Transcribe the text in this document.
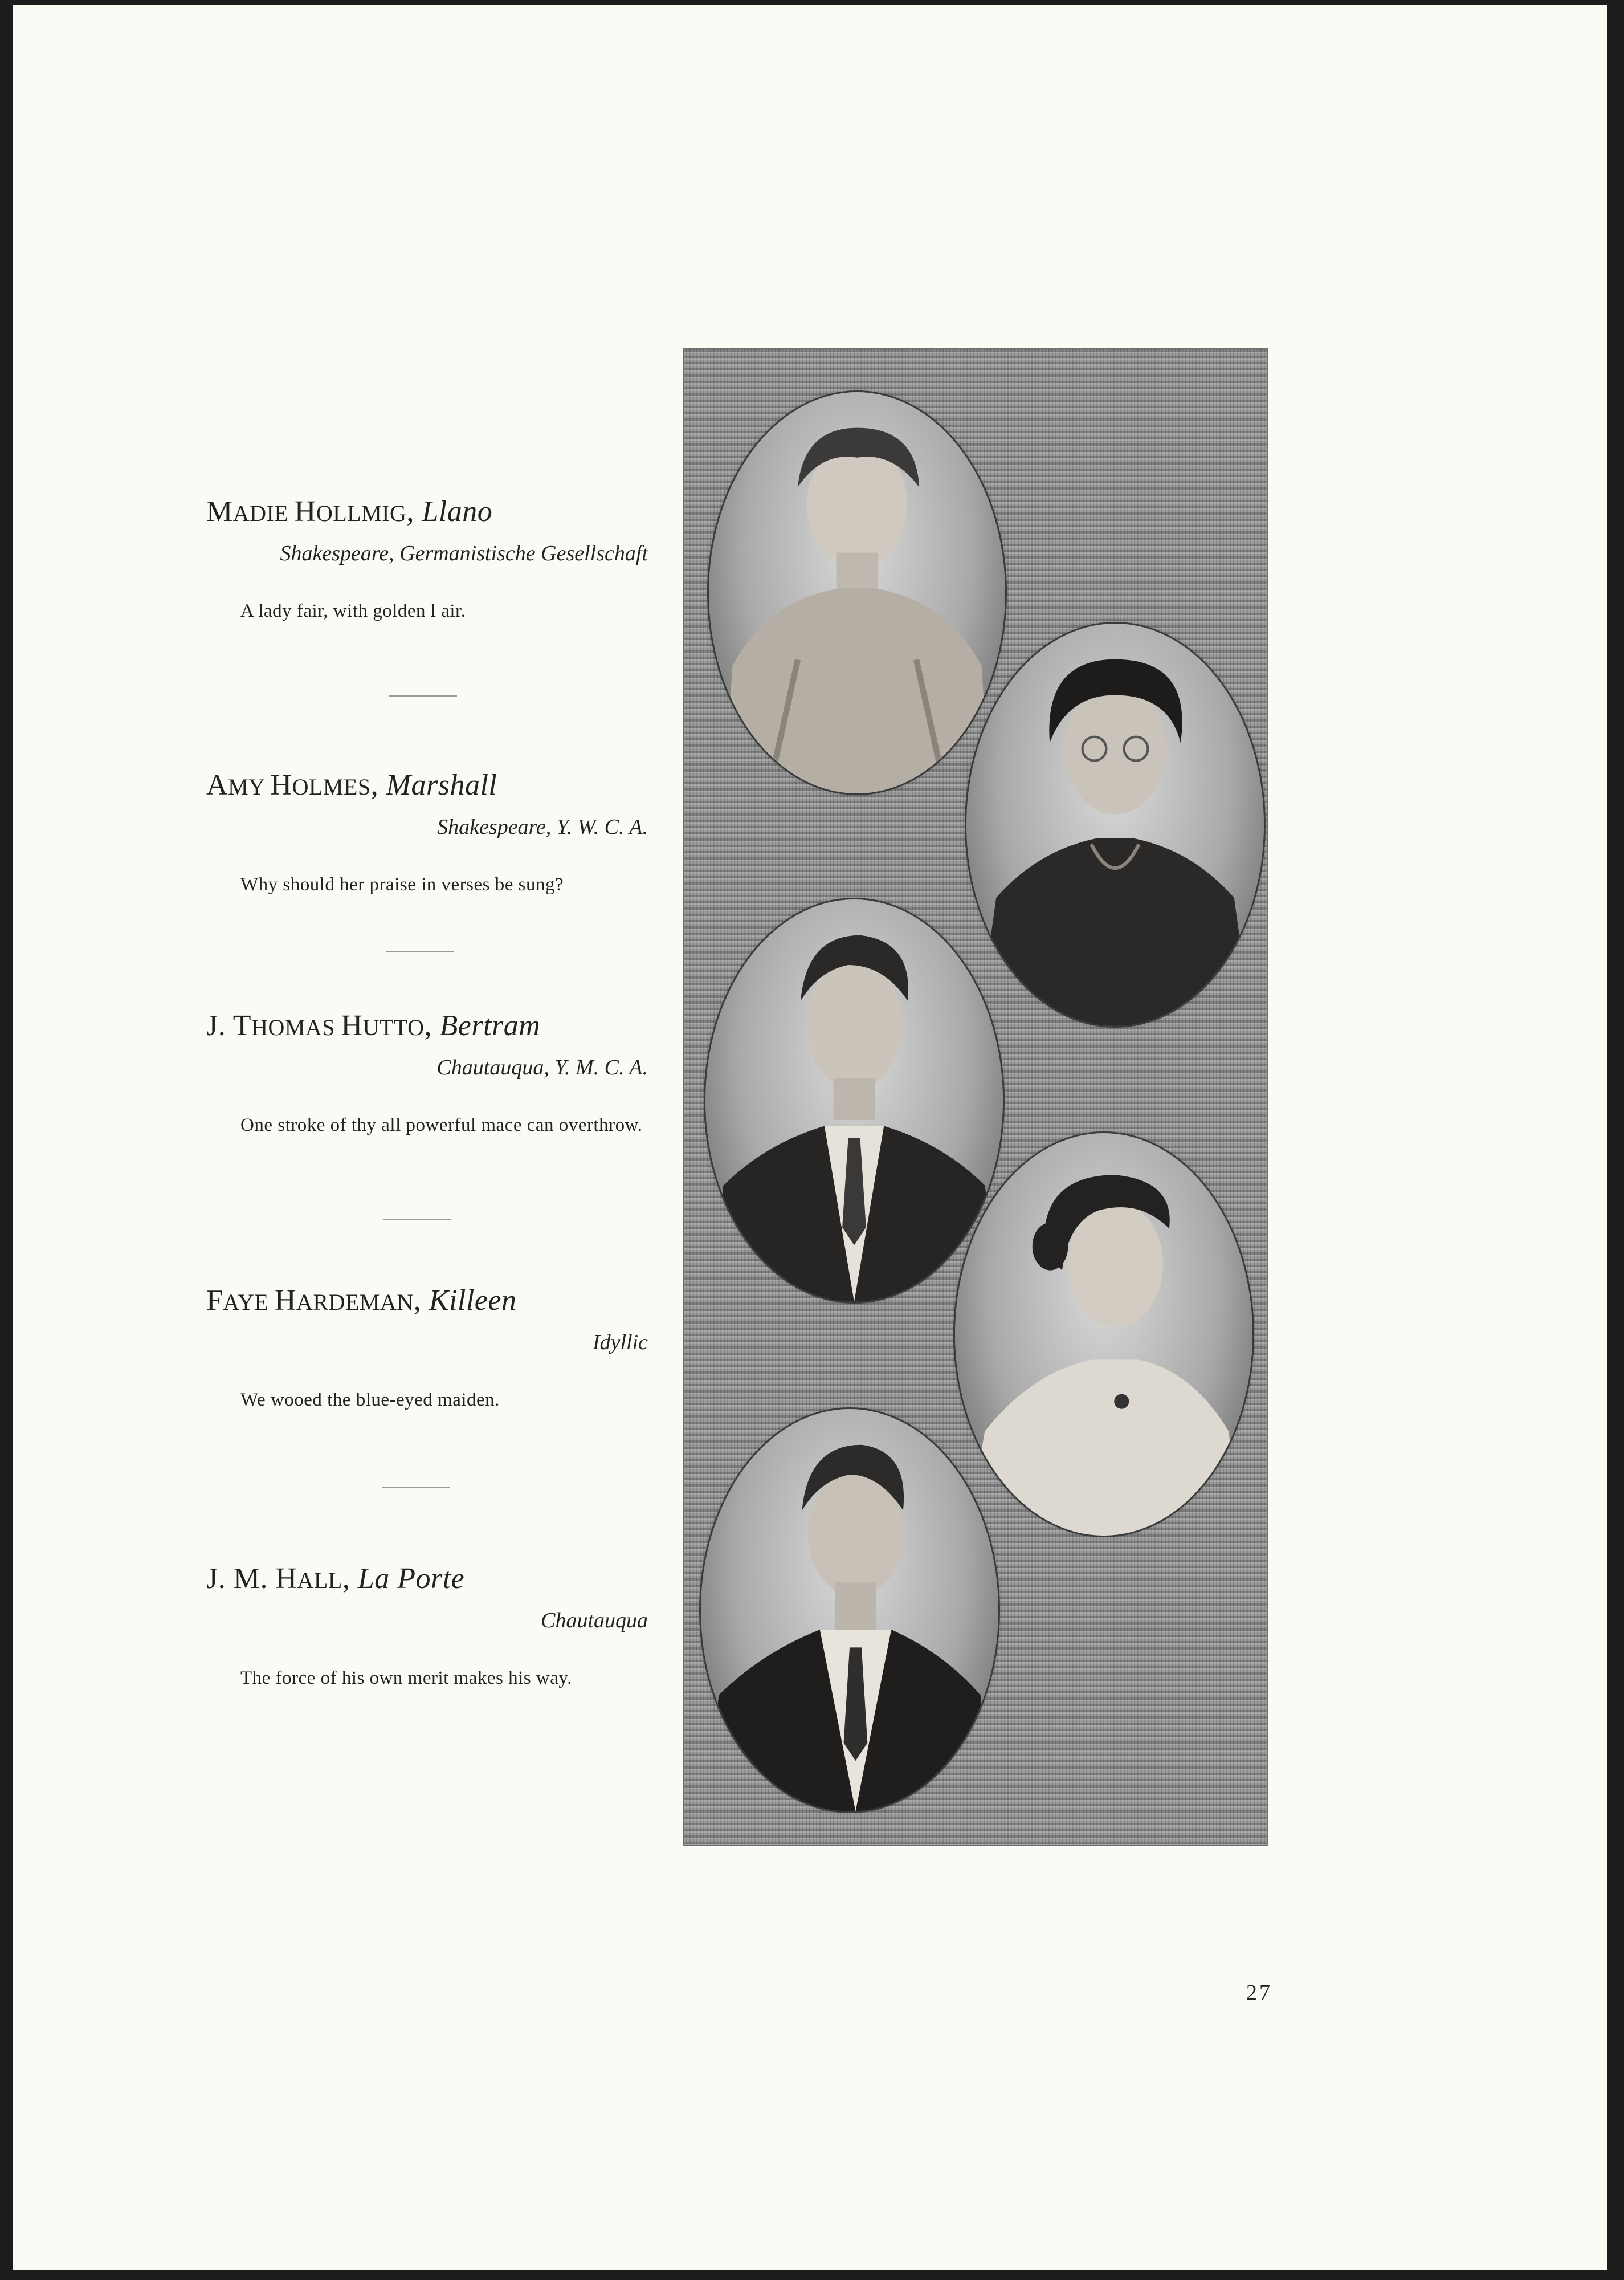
MADIE HOLLMIG, Llano

Shakespeare, Germanistische Gesellschaft
A lady fair, with golden l air.

AMY HOLMES, Marshall

Shakespeare, Y. W. C. A.
Why should her praise in verses be sung?

J. THOMAS HUTTO, Bertram

Chautauqua, Y. M. C. A.
One stroke of thy all powerful mace can overthrow.

FAYE HARDEMAN, Killeen

Idyllic
We wooed the blue-eyed maiden.

J. M. HALL, La Porte

Chautauqua
The force of his own merit makes his way.
27
